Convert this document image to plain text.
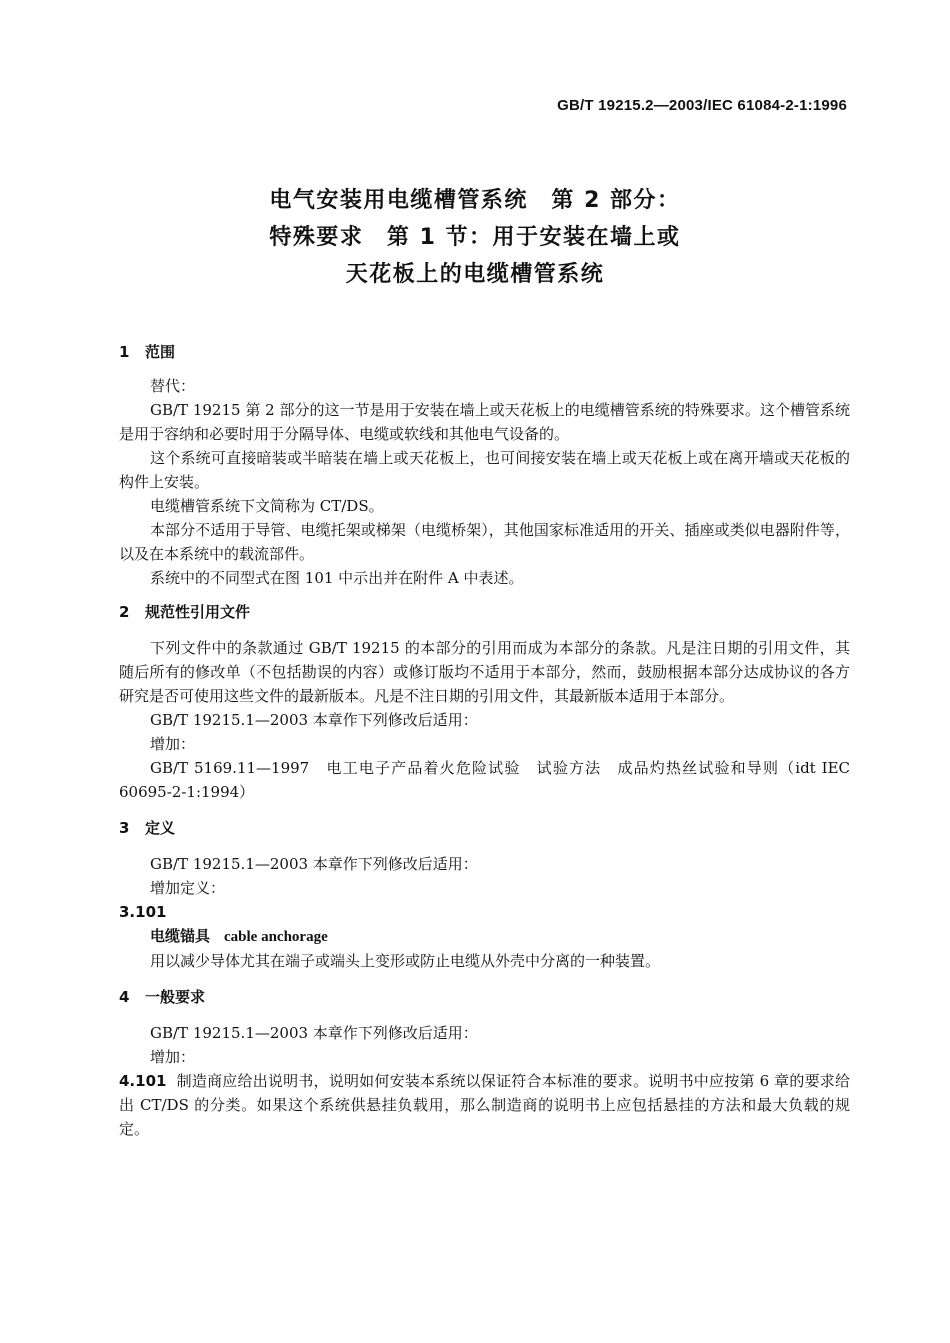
GB/T 19215.2—2003/IEC 61084-2-1:1996
电气安装用电缆槽管系统　第 2 部分：
特殊要求　第 1 节：用于安装在墙上或
天花板上的电缆槽管系统
1 范围

替代：

GB/T 19215 第 2 部分的这一节是用于安装在墙上或天花板上的电缆槽管系统的特殊要求。这个槽管系统是用于容纳和必要时用于分隔导体、电缆或软线和其他电气设备的。

这个系统可直接暗装或半暗装在墙上或天花板上，也可间接安装在墙上或天花板上或在离开墙或天花板的构件上安装。

电缆槽管系统下文简称为 CT/DS。

本部分不适用于导管、电缆托架或梯架（电缆桥架），其他国家标准适用的开关、插座或类似电器附件等，以及在本系统中的载流部件。

系统中的不同型式在图 101 中示出并在附件 A 中表述。

2 规范性引用文件

下列文件中的条款通过 GB/T 19215 的本部分的引用而成为本部分的条款。凡是注日期的引用文件，其随后所有的修改单（不包括勘误的内容）或修订版均不适用于本部分，然而，鼓励根据本部分达成协议的各方研究是否可使用这些文件的最新版本。凡是不注日期的引用文件，其最新版本适用于本部分。

GB/T 19215.1—2003 本章作下列修改后适用：

增加：

GB/T 5169.11—1997　电工电子产品着火危险试验　试验方法　成品灼热丝试验和导则（idt IEC 60695-2-1:1994）

3 定义

GB/T 19215.1—2003 本章作下列修改后适用：

增加定义：

3.101

电缆锚具 cable anchorage

用以减少导体尤其在端子或端头上变形或防止电缆从外壳中分离的一种装置。

4 一般要求

GB/T 19215.1—2003 本章作下列修改后适用：

增加：

4.101 制造商应给出说明书，说明如何安装本系统以保证符合本标准的要求。说明书中应按第 6 章的要求给出 CT/DS 的分类。如果这个系统供悬挂负载用，那么制造商的说明书上应包括悬挂的方法和最大负载的规定。
